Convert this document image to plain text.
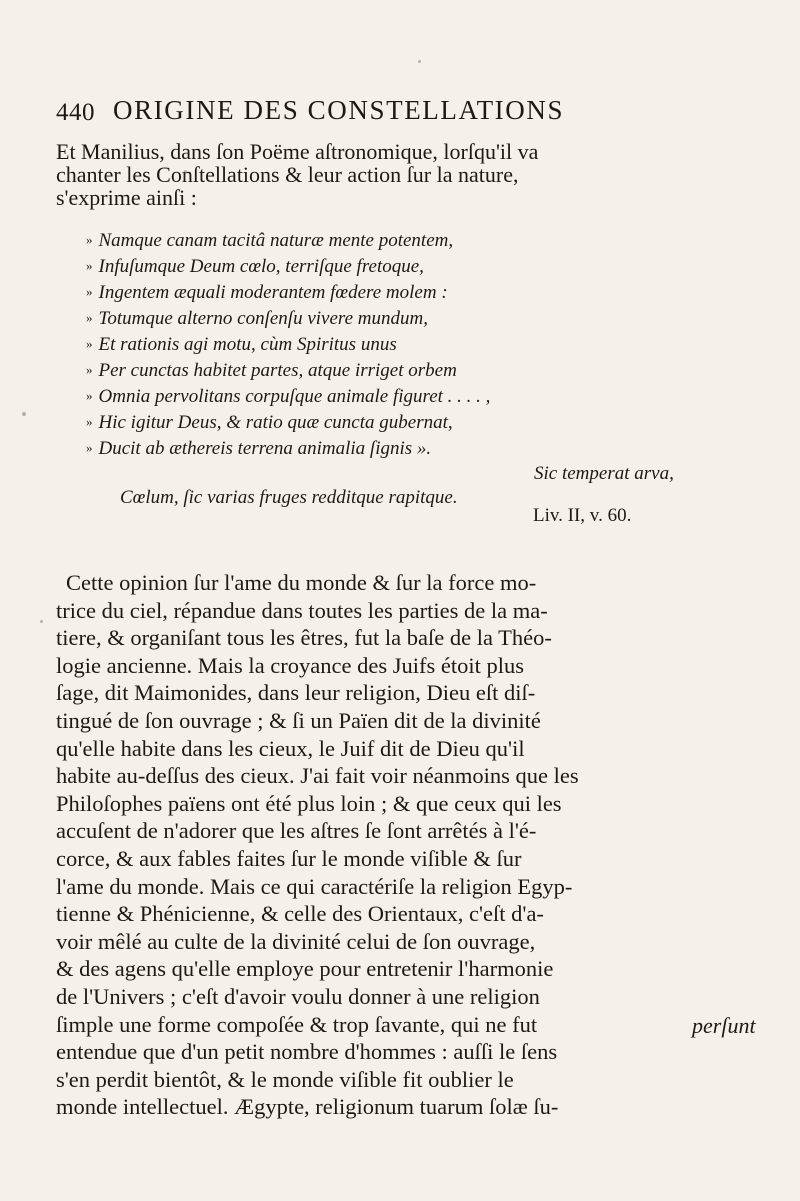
440 ORIGINE DES CONSTELLATIONS
Et Manilius, dans ſon Poëme aſtronomique, lorſqu'il va
chanter les Conſtellations & leur action ſur la nature,
s'exprime ainſi :
» Namque canam tacitâ naturæ mente potentem,
» Infuſumque Deum cœlo, terriſque fretoque,
» Ingentem æquali moderantem fœdere molem :
» Totumque alterno conſenſu vivere mundum,
» Et rationis agi motu, cùm Spiritus unus
» Per cunctas habitet partes, atque irriget orbem
» Omnia pervolitans corpuſque animale figuret . . . . ,
» Hic igitur Deus, & ratio quæ cuncta gubernat,
» Ducit ab æthereis terrena animalia ſignis ».
Sic temperat arva,
Cœlum, ſic varias fruges redditque rapitque.
Liv. II, v. 60.
Cette opinion ſur l'ame du monde & ſur la force mo-
trice du ciel, répandue dans toutes les parties de la ma-
tiere, & organiſant tous les êtres, fut la baſe de la Théo-
logie ancienne. Mais la croyance des Juifs étoit plus
ſage, dit Maimonides, dans leur religion, Dieu eſt diſ-
tingué de ſon ouvrage ; & ſi un Païen dit de la divinité
qu'elle habite dans les cieux, le Juif dit de Dieu qu'il
habite au-deſſus des cieux. J'ai fait voir néanmoins que les
Philoſophes païens ont été plus loin ; & que ceux qui les
accuſent de n'adorer que les aſtres ſe ſont arrêtés à l'é-
corce, & aux fables faites ſur le monde viſible & ſur
l'ame du monde. Mais ce qui caractériſe la religion Egyp-
tienne & Phénicienne, & celle des Orientaux, c'eſt d'a-
voir mêlé au culte de la divinité celui de ſon ouvrage,
& des agens qu'elle employe pour entretenir l'harmonie
de l'Univers ; c'eſt d'avoir voulu donner à une religion
ſimple une forme compoſée & trop ſavante, qui ne fut
entendue que d'un petit nombre d'hommes : auſſi le ſens
s'en perdit bientôt, & le monde viſible fit oublier le
monde intellectuel. Ægypte, religionum tuarum ſolæ ſu-
perſunt
